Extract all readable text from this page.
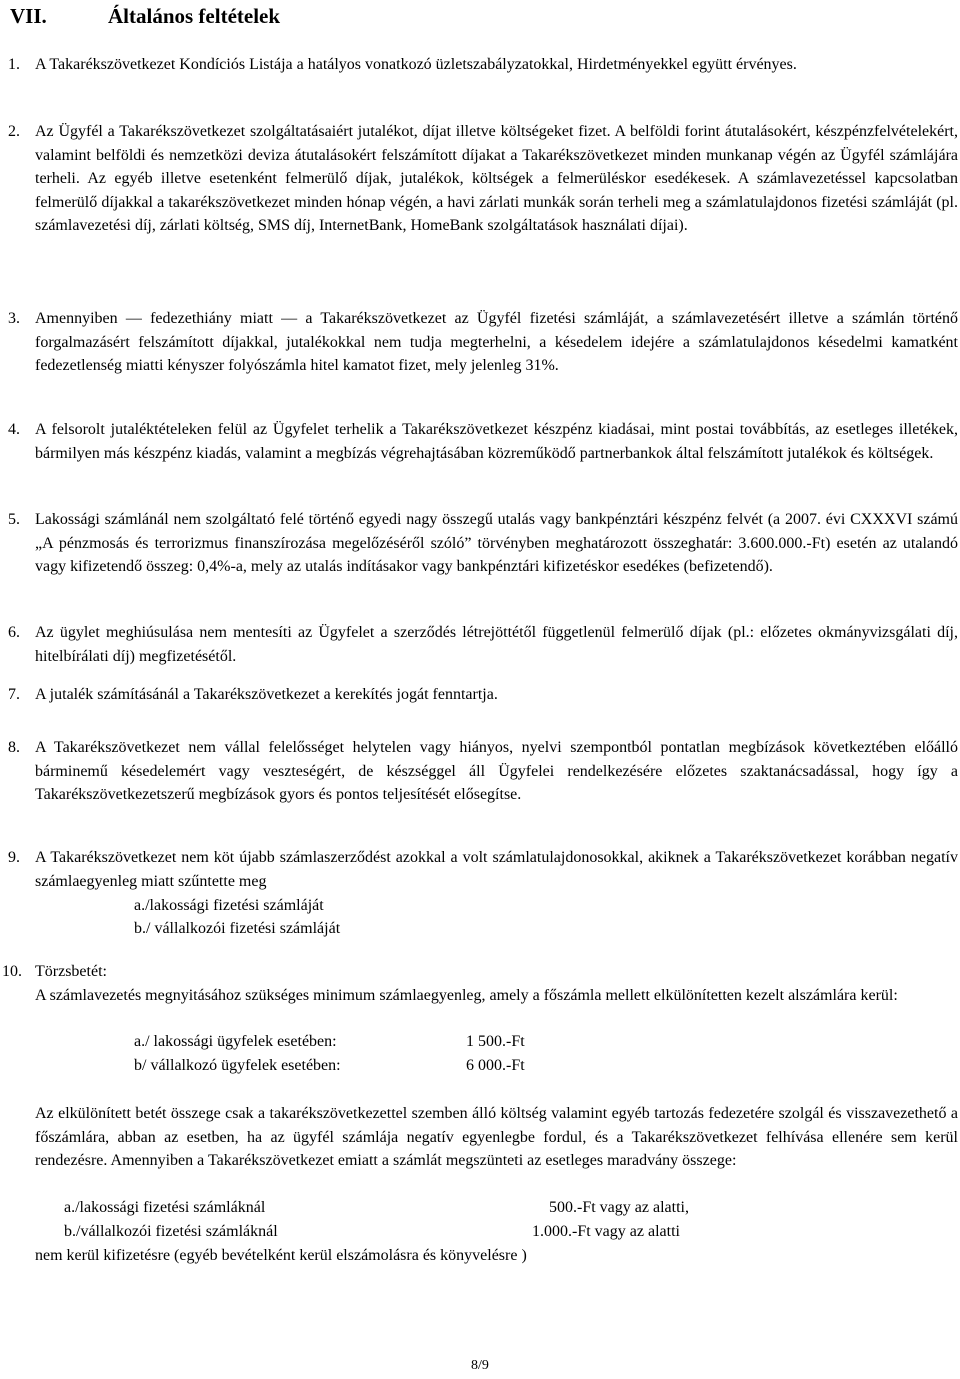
VII.	Általános feltételek
1. A Takarékszövetkezet Kondíciós Listája a hatályos vonatkozó üzletszabályzatokkal, Hirdetményekkel együtt érvényes.

2. Az Ügyfél a Takarékszövetkezet szolgáltatásaiért jutalékot, díjat illetve költségeket fizet. A belföldi forint átutalásokért, készpénzfelvételekért, valamint belföldi és nemzetközi deviza átutalásokért felszámított díjakat a Takarékszövetkezet minden munkanap végén az Ügyfél számlájára terheli. Az egyéb illetve esetenként felmerülő díjak, jutalékok, költségek a felmerüléskor esedékesek. A számlavezetéssel kapcsolatban felmerülő díjakkal a takarékszövetkezet minden hónap végén, a havi zárlati munkák során terheli meg a számlatulajdonos fizetési számláját (pl. számlavezetési díj, zárlati költség, SMS díj, InternetBank, HomeBank szolgáltatások használati díjai).

3. Amennyiben — fedezethiány miatt — a Takarékszövetkezet az Ügyfél fizetési számláját, a számlavezetésért illetve a számlán történő forgalmazásért felszámított díjakkal, jutalékokkal nem tudja megterhelni, a késedelem idejére a számlatulajdonos késedelmi kamatként fedezetlenség miatti kényszer folyószámla hitel kamatot fizet, mely jelenleg 31%.

4. A felsorolt jutaléktételeken felül az Ügyfelet terhelik a Takarékszövetkezet készpénz kiadásai, mint postai továbbítás, az esetleges illetékek, bármilyen más készpénz kiadás, valamint a megbízás végrehajtásában közreműködő partnerbankok által felszámított jutalékok és költségek.

5. Lakossági számlánál nem szolgáltató felé történő egyedi nagy összegű utalás vagy bankpénztári készpénz felvét (a 2007. évi CXXXVI számú „A pénzmosás és terrorizmus finanszírozása megelőzéséről szóló” törvényben meghatározott összeghatár: 3.600.000.-Ft) esetén az utalandó vagy kifizetendő összeg: 0,4%-a, mely az utalás indításakor vagy bankpénztári kifizetéskor esedékes (befizetendő).

6. Az ügylet meghiúsulása nem mentesíti az Ügyfelet a szerződés létrejöttétől függetlenül felmerülő díjak (pl.: előzetes okmányvizsgálati díj, hitelbírálati díj) megfizetésétől.

7. A jutalék számításánál a Takarékszövetkezet a kerekítés jogát fenntartja.

8. A Takarékszövetkezet nem vállal felelősséget helytelen vagy hiányos, nyelvi szempontból pontatlan megbízások következtében előálló bárminemű késedelemért vagy veszteségért, de készséggel áll Ügyfelei rendelkezésére előzetes szaktanácsadással, hogy így a Takarékszövetkezetszerű megbízások gyors és pontos teljesítését elősegítse.

9. A Takarékszövetkezet nem köt újabb számlaszerződést azokkal a volt számlatulajdonosokkal, akiknek a Takarékszövetkezet korábban negatív számlaegyenleg miatt szűntette meg

a./lakossági fizetési számláját
b./ vállalkozói fizetési számláját
10. Törzsbetét:

A számlavezetés megnyitásához szükséges minimum számlaegyenleg, amely a főszámla mellett elkülönítetten kezelt alszámlára kerül:

a./ lakossági ügyfelek esetében:	1 500.-Ft
b/ vállalkozó ügyfelek esetében:	6 000.-Ft

Az elkülönített betét összege csak a takarékszövetkezettel szemben álló költség valamint egyéb tartozás fedezetére szolgál és visszavezethető a főszámlára, abban az esetben, ha az ügyfél számlája negatív egyenlegbe fordul, és a Takarékszövetkezet felhívása ellenére sem kerül rendezésre. Amennyiben a Takarékszövetkezet emiatt a számlát megszünteti az esetleges maradvány összege:

a./lakossági fizetési számláknál	500.-Ft vagy az alatti,
b./vállalkozói fizetési számláknál	1.000.-Ft vagy az alatti
nem kerül kifizetésre (egyéb bevételként kerül elszámolásra és könyvelésre )
8/9
